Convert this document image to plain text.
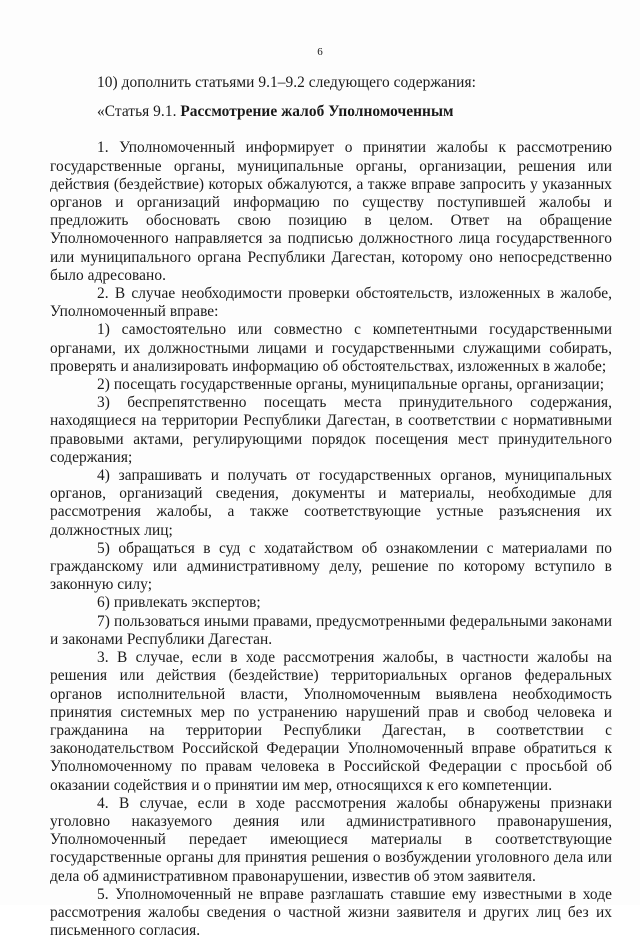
6

10) дополнить статьями 9.1–9.2 следующего содержания:

«Статья 9.1. Рассмотрение жалоб Уполномоченным

1. Уполномоченный информирует о принятии жалобы к рассмотрению государственные органы, муниципальные органы, организации, решения или действия (бездействие) которых обжалуются, а также вправе запросить у указанных органов и организаций информацию по существу поступившей жалобы и предложить обосновать свою позицию в целом. Ответ на обращение Уполномоченного направляется за подписью должностного лица государственного или муниципального органа Республики Дагестан, которому оно непосредственно было адресовано.

2. В случае необходимости проверки обстоятельств, изложенных в жалобе, Уполномоченный вправе:

1) самостоятельно или совместно с компетентными государственными органами, их должностными лицами и государственными служащими собирать, проверять и анализировать информацию об обстоятельствах, изложенных в жалобе;

2) посещать государственные органы, муниципальные органы, организации;

3) беспрепятственно посещать места принудительного содержания, находящиеся на территории Республики Дагестан, в соответствии с нормативными правовыми актами, регулирующими порядок посещения мест принудительного содержания;

4) запрашивать и получать от государственных органов, муниципальных органов, организаций сведения, документы и материалы, необходимые для рассмотрения жалобы, а также соответствующие устные разъяснения их должностных лиц;

5) обращаться в суд с ходатайством об ознакомлении с материалами по гражданскому или административному делу, решение по которому вступило в законную силу;

6) привлекать экспертов;

7) пользоваться иными правами, предусмотренными федеральными законами и законами Республики Дагестан.

3. В случае, если в ходе рассмотрения жалобы, в частности жалобы на решения или действия (бездействие) территориальных органов федеральных органов исполнительной власти, Уполномоченным выявлена необходимость принятия системных мер по устранению нарушений прав и свобод человека и гражданина на территории Республики Дагестан, в соответствии с законодательством Российской Федерации Уполномоченный вправе обратиться к Уполномоченному по правам человека в Российской Федерации с просьбой об оказании содействия и о принятии им мер, относящихся к его компетенции.

4. В случае, если в ходе рассмотрения жалобы обнаружены признаки уголовно наказуемого деяния или административного правонарушения, Уполномоченный передает имеющиеся материалы в соответствующие государственные органы для принятия решения о возбуждении уголовного дела или дела об административном правонарушении, известив об этом заявителя.

5. Уполномоченный не вправе разглашать ставшие ему известными в ходе рассмотрения жалобы сведения о частной жизни заявителя и других лиц без их письменного согласия.
